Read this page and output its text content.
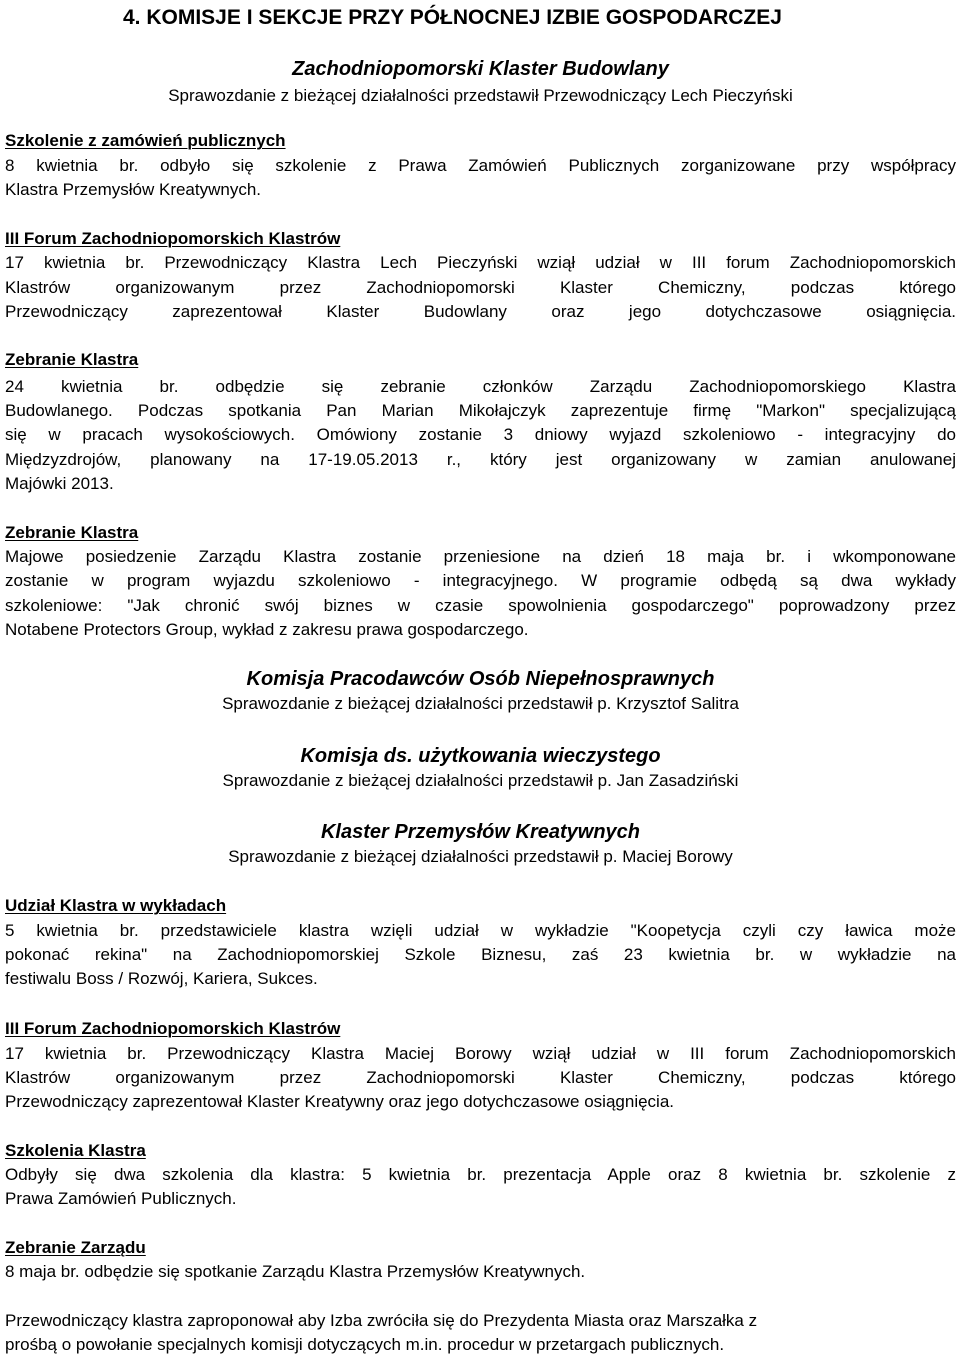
4. KOMISJE I SEKCJE PRZY PÓŁNOCNEJ IZBIE GOSPODARCZEJ
Zachodniopomorski Klaster Budowlany
Sprawozdanie z bieżącej działalności przedstawił Przewodniczący Lech Pieczyński
Szkolenie z zamówień publicznych
8 kwietnia br. odbyło się szkolenie z Prawa Zamówień Publicznych zorganizowane przy współpracy
Klastra Przemysłów Kreatywnych.
III Forum Zachodniopomorskich Klastrów
17 kwietnia br. Przewodniczący Klastra Lech Pieczyński wziął udział w III forum Zachodniopomorskich
Klastrów organizowanym przez Zachodniopomorski Klaster Chemiczny, podczas którego
Przewodniczący zaprezentował Klaster Budowlany oraz jego dotychczasowe osiągnięcia.
Zebranie Klastra
24 kwietnia br. odbędzie się zebranie członków Zarządu Zachodniopomorskiego Klastra
Budowlanego. Podczas spotkania Pan Marian Mikołajczyk zaprezentuje firmę "Markon" specjalizującą
się w pracach wysokościowych. Omówiony zostanie 3 dniowy wyjazd szkoleniowo - integracyjny do
Międzyzdrojów, planowany na 17-19.05.2013 r., który jest organizowany w zamian anulowanej
Majówki 2013.
Zebranie Klastra
Majowe posiedzenie Zarządu Klastra zostanie przeniesione na dzień 18 maja br. i wkomponowane
zostanie w program wyjazdu szkoleniowo - integracyjnego. W programie odbędą są dwa wykłady
szkoleniowe: "Jak chronić swój biznes w czasie spowolnienia gospodarczego" poprowadzony przez
Notabene Protectors Group, wykład z zakresu prawa gospodarczego.
Komisja Pracodawców Osób Niepełnosprawnych
Sprawozdanie z bieżącej działalności przedstawił p. Krzysztof Salitra
Komisja ds. użytkowania wieczystego
Sprawozdanie z bieżącej działalności przedstawił p. Jan Zasadziński
Klaster Przemysłów Kreatywnych
Sprawozdanie z bieżącej działalności przedstawił p. Maciej Borowy
Udział Klastra w wykładach
5 kwietnia br. przedstawiciele klastra wzięli udział w wykładzie "Koopetycja czyli czy ławica może
pokonać rekina" na Zachodniopomorskiej Szkole Biznesu, zaś 23 kwietnia br. w wykładzie na
festiwalu Boss / Rozwój, Kariera, Sukces.
III Forum Zachodniopomorskich Klastrów
17 kwietnia br. Przewodniczący Klastra Maciej Borowy wziął udział w III forum Zachodniopomorskich
Klastrów organizowanym przez Zachodniopomorski Klaster Chemiczny, podczas którego
Przewodniczący zaprezentował Klaster Kreatywny oraz jego dotychczasowe osiągnięcia.
Szkolenia Klastra
Odbyły się dwa szkolenia dla klastra: 5 kwietnia br. prezentacja Apple oraz 8 kwietnia br. szkolenie z
Prawa Zamówień Publicznych.
Zebranie Zarządu
8 maja br. odbędzie się spotkanie Zarządu Klastra Przemysłów Kreatywnych.
Przewodniczący klastra zaproponował aby Izba zwróciła się do Prezydenta Miasta oraz Marszałka z
prośbą o powołanie specjalnych komisji dotyczących m.in. procedur w przetargach publicznych.
